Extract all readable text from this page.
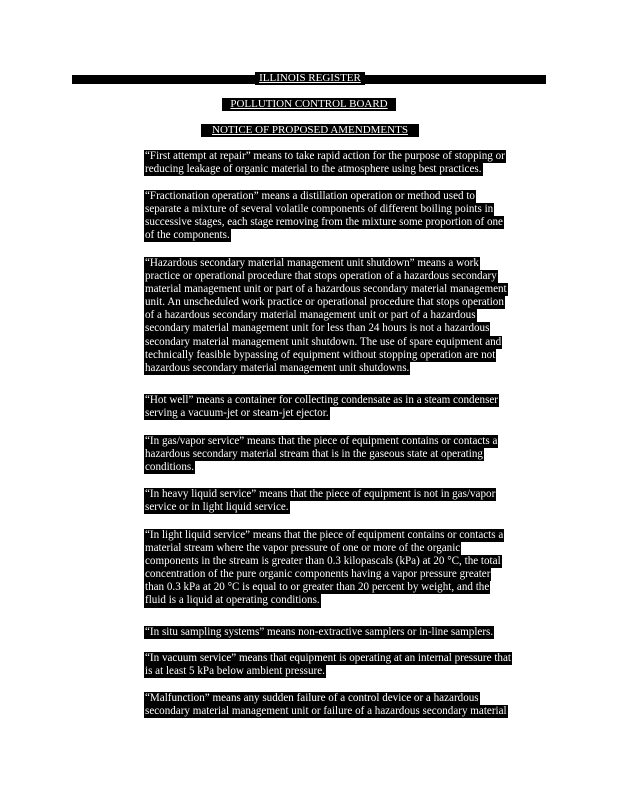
ILLINOIS REGISTER
POLLUTION CONTROL BOARD
NOTICE OF PROPOSED AMENDMENTS
“First attempt at repair” means to take rapid action for the purpose of stopping or
reducing leakage of organic material to the atmosphere using best practices.
“Fractionation operation” means a distillation operation or method used to
separate a mixture of several volatile components of different boiling points in
successive stages, each stage removing from the mixture some proportion of one
of the components.
“Hazardous secondary material management unit shutdown” means a work
practice or operational procedure that stops operation of a hazardous secondary
material management unit or part of a hazardous secondary material management
unit. An unscheduled work practice or operational procedure that stops operation
of a hazardous secondary material management unit or part of a hazardous
secondary material management unit for less than 24 hours is not a hazardous
secondary material management unit shutdown. The use of spare equipment and
technically feasible bypassing of equipment without stopping operation are not
hazardous secondary material management unit shutdowns.
“Hot well” means a container for collecting condensate as in a steam condenser
serving a vacuum-jet or steam-jet ejector.
“In gas/vapor service” means that the piece of equipment contains or contacts a
hazardous secondary material stream that is in the gaseous state at operating
conditions.
“In heavy liquid service” means that the piece of equipment is not in gas/vapor
service or in light liquid service.
“In light liquid service” means that the piece of equipment contains or contacts a
material stream where the vapor pressure of one or more of the organic
components in the stream is greater than 0.3 kilopascals (kPa) at 20 °C, the total
concentration of the pure organic components having a vapor pressure greater
than 0.3 kPa at 20 °C is equal to or greater than 20 percent by weight, and the
fluid is a liquid at operating conditions.
“In situ sampling systems” means non-extractive samplers or in-line samplers.
“In vacuum service” means that equipment is operating at an internal pressure that
is at least 5 kPa below ambient pressure.
“Malfunction” means any sudden failure of a control device or a hazardous
secondary material management unit or failure of a hazardous secondary material
